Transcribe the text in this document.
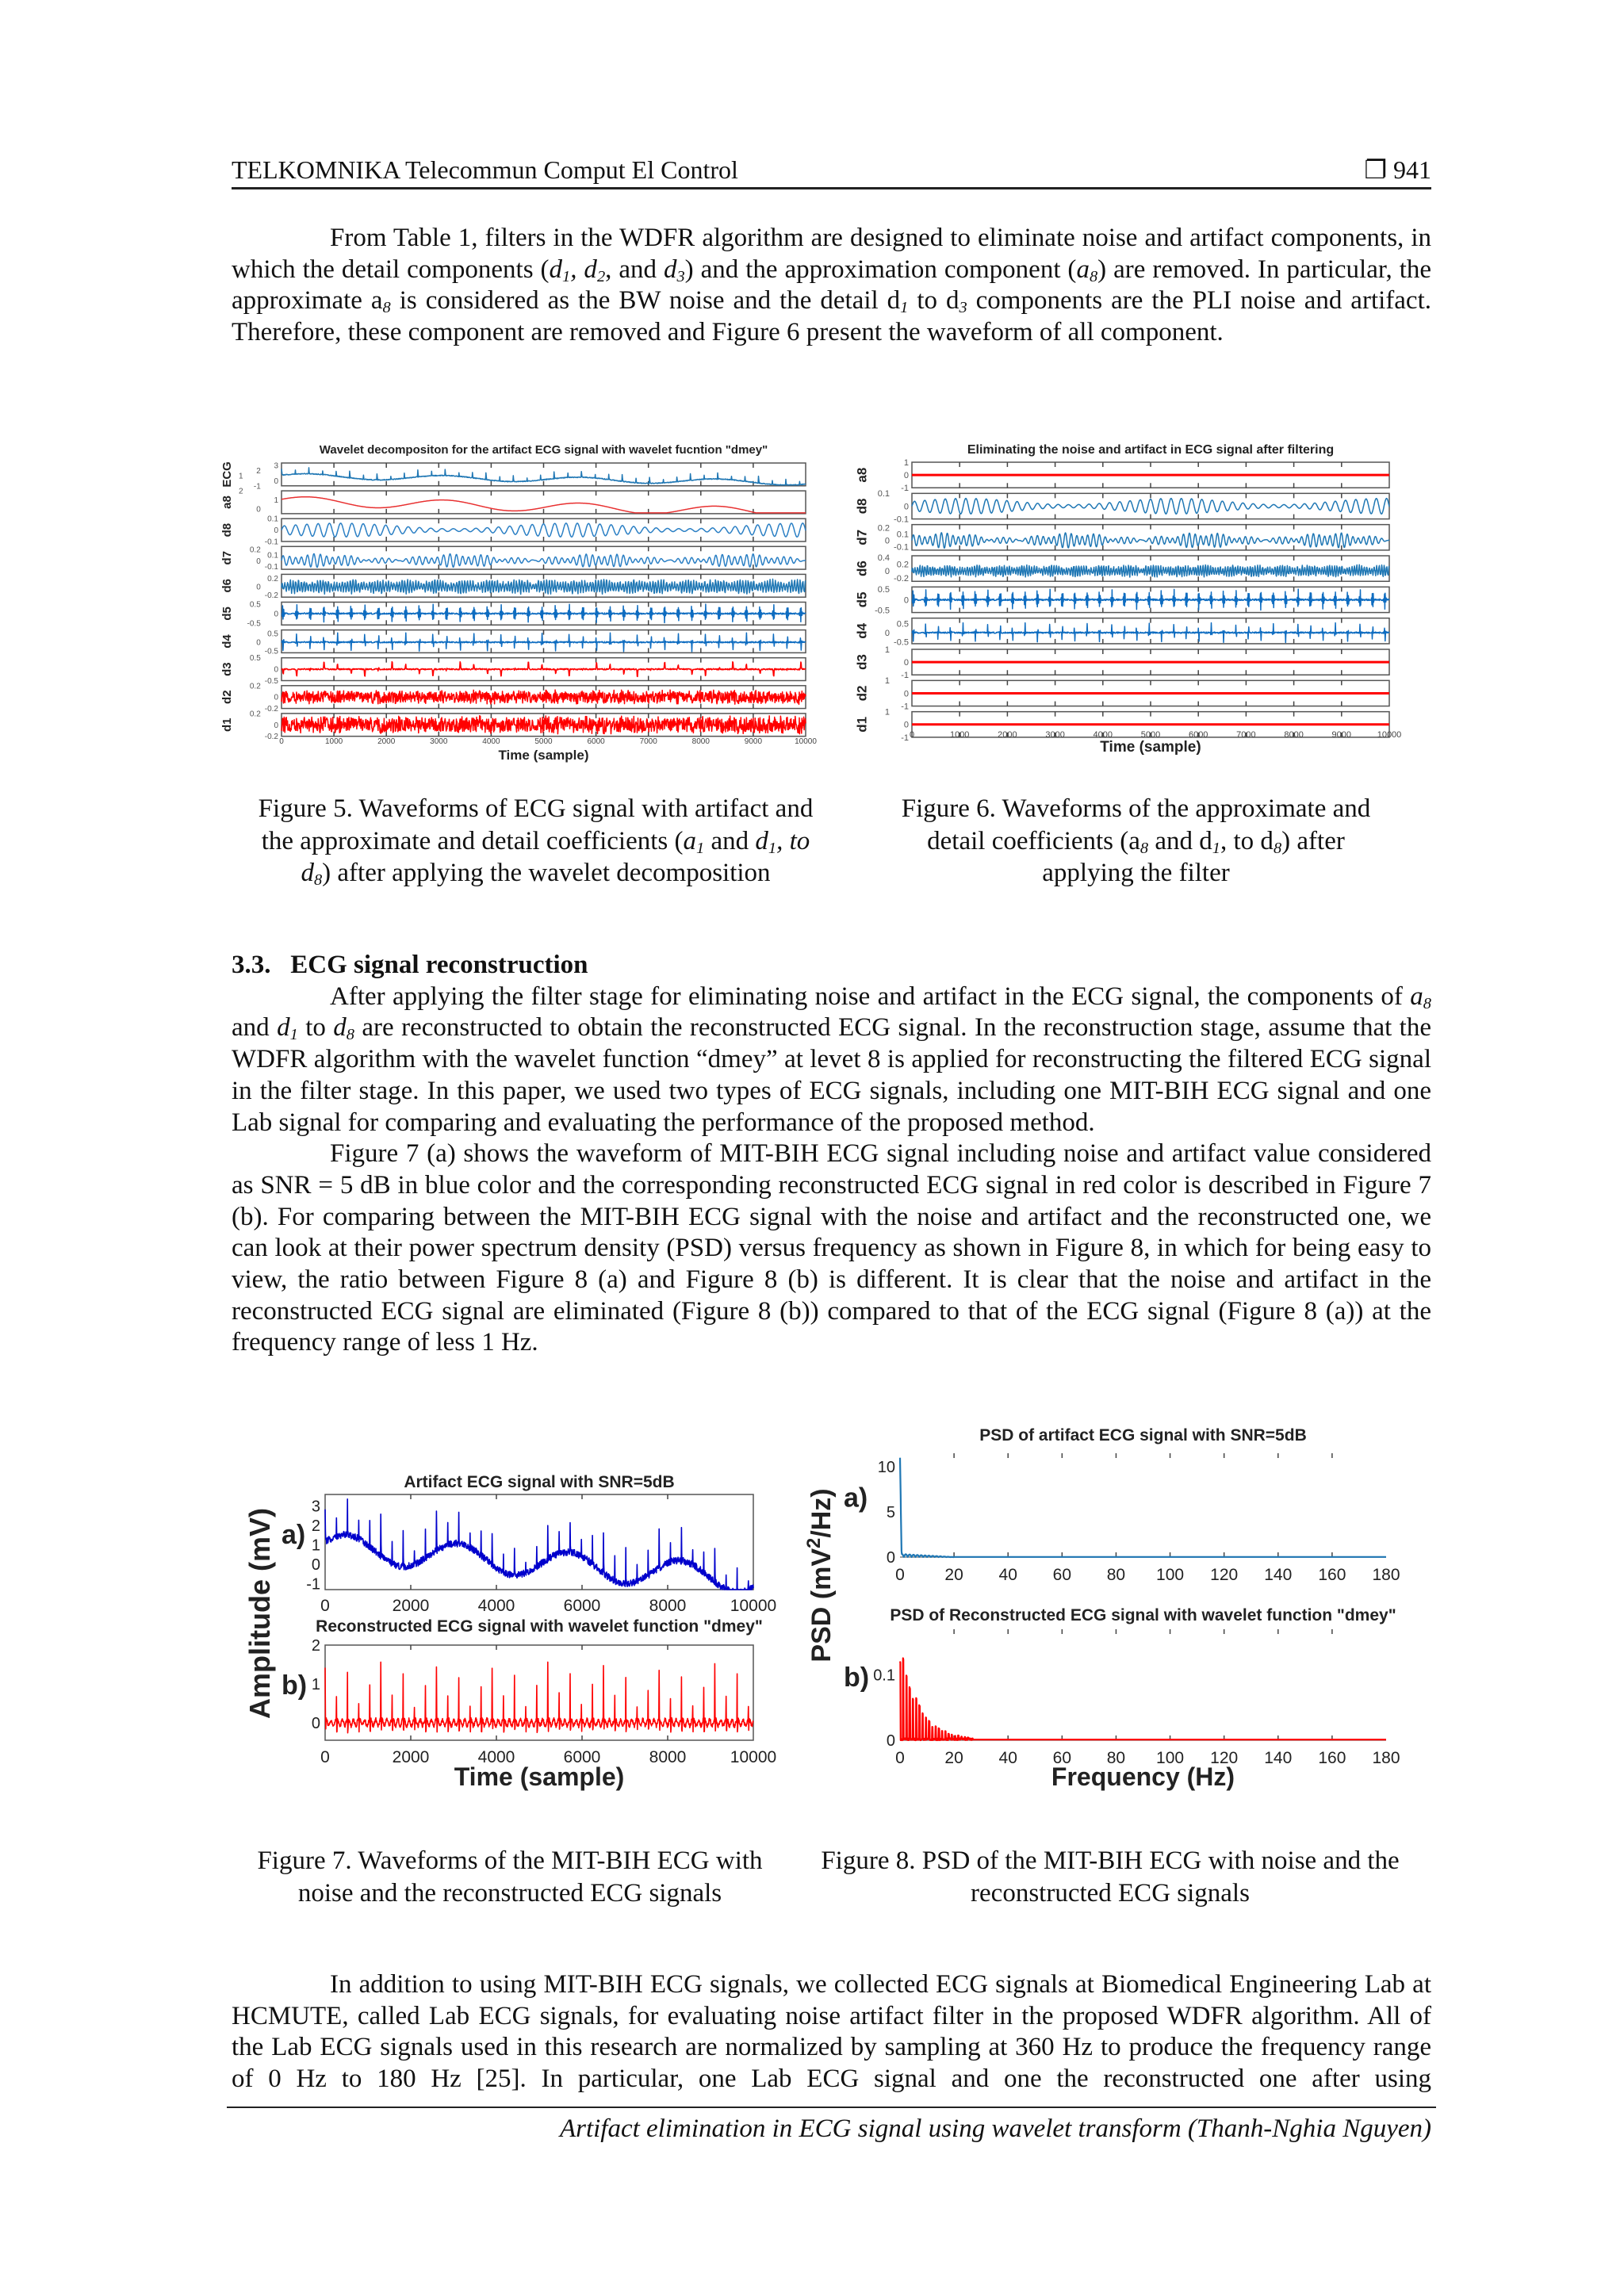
TELKOMNIKA Telecommun Comput El Control	❐ 941
From Table 1, filters in the WDFR algorithm are designed to eliminate noise and artifact components, in which the detail components ($d_1$, $d_2$, and $d_3$) and the approximation component $(a_8)$ are removed. In particular, the approximate $a_8$ is considered as the BW noise and the detail $d_1$ to $d_3$ components are the PLI noise and artifact. Therefore, these component are removed and Figure 6 present the waveform of all component.
3.3.   ECG signal reconstruction
After applying the filter stage for eliminating noise and artifact in the ECG signal, the components of $a_8$ and $d_1$ to $d_8$ are reconstructed to obtain the reconstructed ECG signal. In the reconstruction stage, assume that the WDFR algorithm with the wavelet function “dmey” at levet 8 is applied for reconstructing the filtered ECG signal in the filter stage. In this paper, we used two types of ECG signals, including one MIT-BIH ECG signal and one Lab signal for comparing and evaluating the performance of the proposed method.
Figure 7 (a) shows the waveform of MIT-BIH ECG signal including noise and artifact value considered as SNR = 5 dB in blue color and the corresponding reconstructed ECG signal in red color is described in Figure 7 (b). For comparing between the MIT-BIH ECG signal with the noise and artifact and the reconstructed one, we can look at their power spectrum density (PSD) versus frequency as shown in Figure 8, in which for being easy to view, the ratio between Figure 8 (a) and Figure 8 (b) is different. It is clear that the noise and artifact in the reconstructed ECG signal are eliminated (Figure 8 (b)) compared to that of the ECG signal (Figure 8 (a)) at the frequency range of less 1 Hz.
In addition to using MIT-BIH ECG signals, we collected ECG signals at Biomedical Engineering Lab at HCMUTE, called Lab ECG signals, for evaluating noise artifact filter in the proposed WDFR algorithm. All of the Lab ECG signals used in this research are normalized by sampling at 360 Hz to produce the frequency range of 0 Hz to 180 Hz [25]. In particular, one Lab ECG signal and one the reconstructed one after using
Wavelet decompositon for the artifact ECG signal with wavelet fucntion "dmey"
3
0
1
0.1
0
-0.1
0.1
-0.1
0.2
-0.2
0
0.5
-0.5
0
-0.5
0
-0.2
0
-0.2
2
-1
0
0.2
0
0
0.5
-0.5
0
0.5
0.2
0.2
1
2
ECG
a8
d8
d7
d6
d5
d4
d3
d2
d1
0	1000	2000	3000	4000	5000	6000	7000	8000	9000	10000
Time (sample)
Eliminating the noise and artifact in ECG signal after filtering
1
0
-1
0
-0.1
0.1
-0.1
0.2
-0.2
0
0.5
-0.5
0
-1
0
-1
0
-1
0.1
0.2
0
0.4
0
0.5
-0.5
0
1
1
1
a8
d8
d7
d6
d5
d4
d3
d2
d1
0	1000	2000	3000	4000	5000	6000	7000	8000	9000	10000
Time (sample)
Artifact ECG signal with SNR=5dB
3
2
1
0
-1
a)
0	2000	4000	6000	8000	10000
Reconstructed ECG signal with wavelet function "dmey"
2
1
0
b)
0	2000	4000	6000	8000	10000
Time (sample)
Amplitude (mV)
PSD of artifact ECG signal with SNR=5dB
10
5
0
a)
0 20 40 60 80 100 120 140 160 180
PSD of Reconstructed ECG signal with wavelet function "dmey"
0.1
0
b)
0 20 40 60 80 100 120 140 160 180
Frequency (Hz)
PSD $(mV^2/Hz)$
Figure 5. Waveforms of ECG signal with artifact and the approximate and detail coefficients ($a_1$ and $d_1$, to $d_8$) after applying the wavelet decomposition
Figure 6. Waveforms of the approximate and detail coefficients ($a_8$ and $d_1$, to $d_8$) after applying the filter
Figure 7. Waveforms of the MIT-BIH ECG with noise and the reconstructed ECG signals
Figure 8. PSD of the MIT-BIH ECG with noise and the reconstructed ECG signals
Artifact elimination in ECG signal using wavelet transform (Thanh-Nghia Nguyen)
